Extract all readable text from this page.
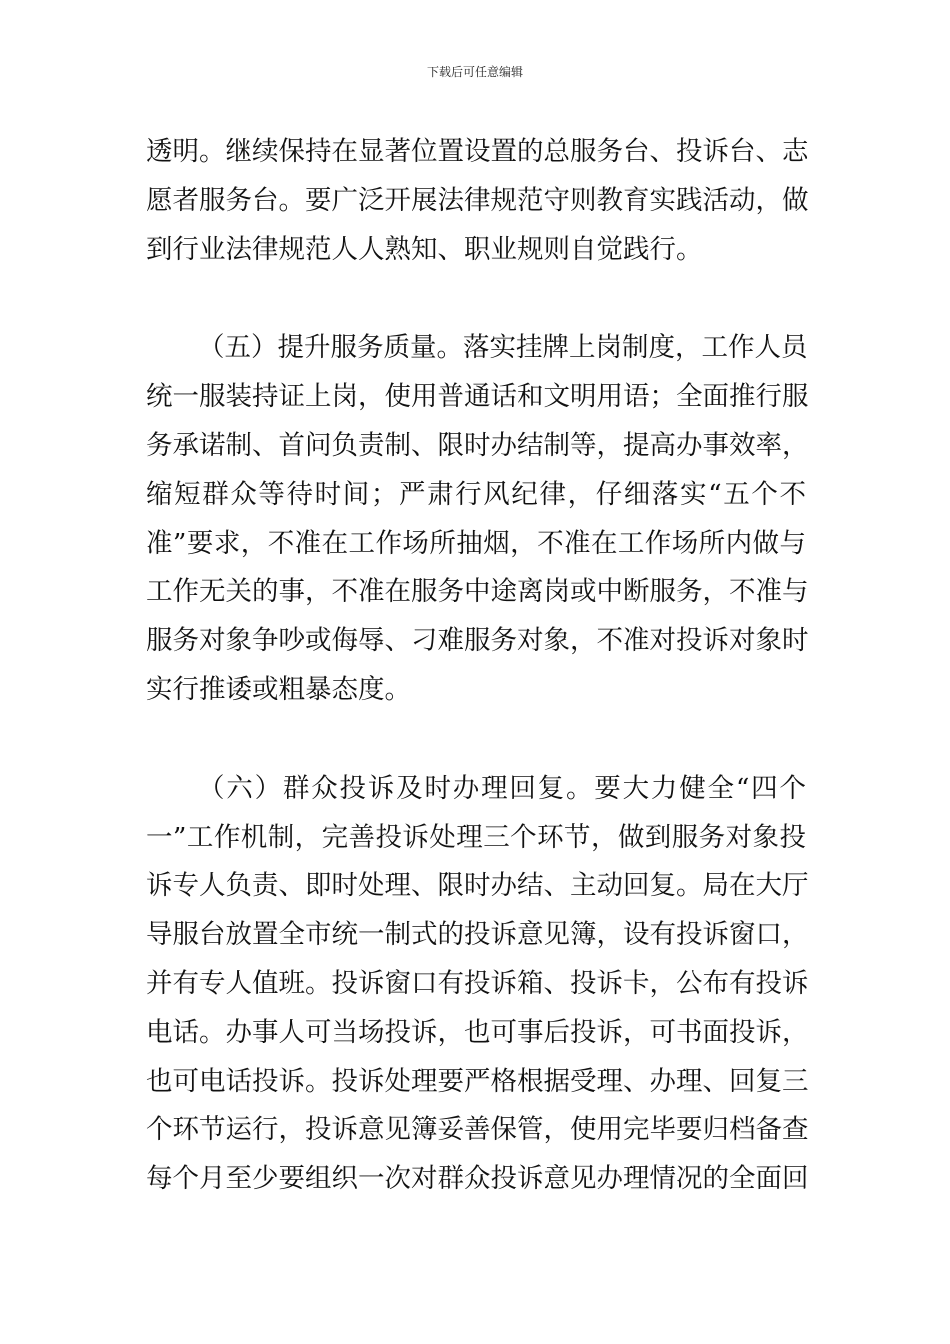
下载后可任意编辑
透明。继续保持在显著位置设置的总服务台、投诉台、志
愿者服务台。要广泛开展法律规范守则教育实践活动，做
到行业法律规范人人熟知、职业规则自觉践行。
（五）提升服务质量。落实挂牌上岗制度，工作人员
统一服装持证上岗，使用普通话和文明用语；全面推行服
务承诺制、首问负责制、限时办结制等，提高办事效率，
缩短群众等待时间；严肃行风纪律，仔细落实“五个不
准”要求，不准在工作场所抽烟，不准在工作场所内做与
工作无关的事，不准在服务中途离岗或中断服务，不准与
服务对象争吵或侮辱、刁难服务对象，不准对投诉对象时
实行推诿或粗暴态度。
（六）群众投诉及时办理回复。要大力健全“四个
一”工作机制，完善投诉处理三个环节，做到服务对象投
诉专人负责、即时处理、限时办结、主动回复。局在大厅
导服台放置全市统一制式的投诉意见簿，设有投诉窗口，
并有专人值班。投诉窗口有投诉箱、投诉卡，公布有投诉
电话。办事人可当场投诉，也可事后投诉，可书面投诉，
也可电话投诉。投诉处理要严格根据受理、办理、回复三
个环节运行，投诉意见簿妥善保管，使用完毕要归档备查
每个月至少要组织一次对群众投诉意见办理情况的全面回
